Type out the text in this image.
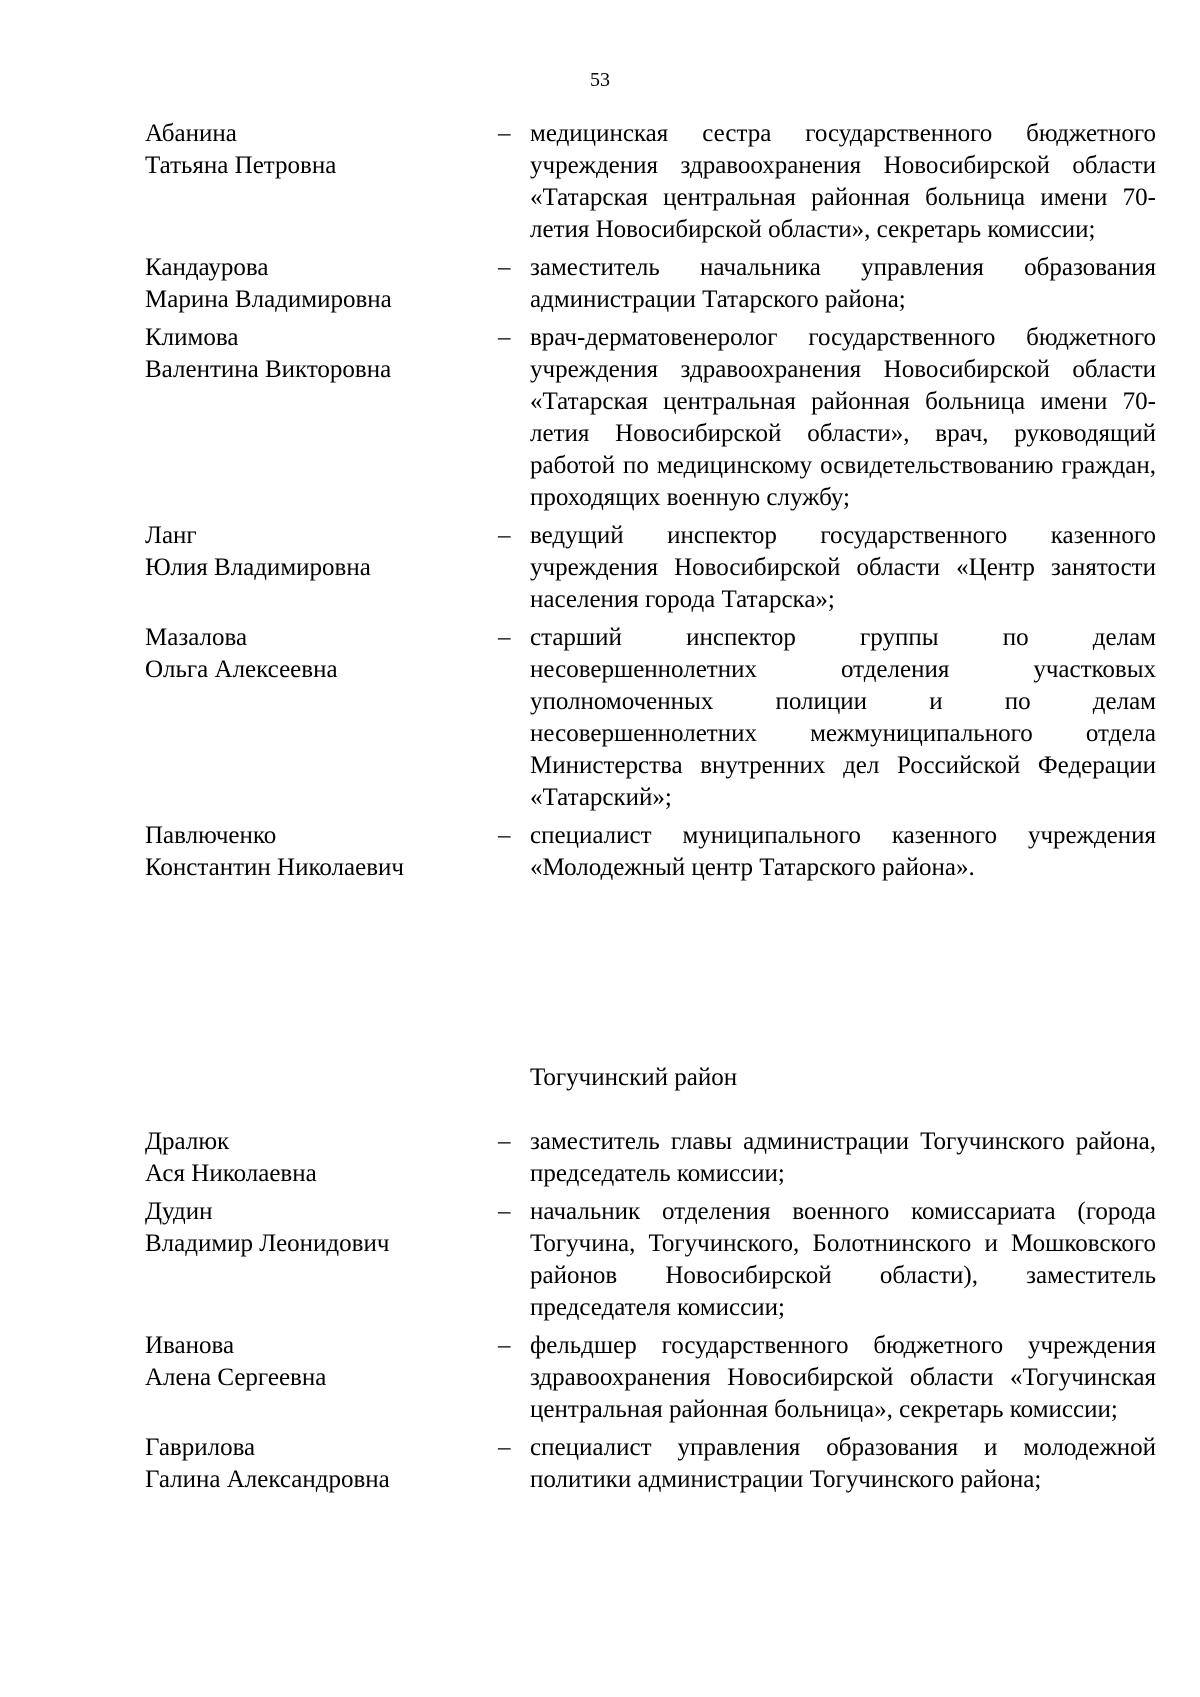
53
Абанина
Татьяна Петровна
– медицинская сестра государственного бюджетного учреждения здравоохранения Новосибирской области «Татарская центральная районная больница имени 70-летия Новосибирской области», секретарь комиссии;
Кандаурова
Марина Владимировна
– заместитель начальника управления образования администрации Татарского района;
Климова
Валентина Викторовна
– врач-дерматовенеролог государственного бюджетного учреждения здравоохранения Новосибирской области «Татарская центральная районная больница имени 70-летия Новосибирской области», врач, руководящий работой по медицинскому освидетельствованию граждан, проходящих военную службу;
Ланг
Юлия Владимировна
– ведущий инспектор государственного казенного учреждения Новосибирской области «Центр занятости населения города Татарска»;
Мазалова
Ольга Алексеевна
– старший инспектор группы по делам несовершеннолетних отделения участковых уполномоченных полиции и по делам несовершеннолетних межмуниципального отдела Министерства внутренних дел Российской Федерации «Татарский»;
Павлюченко
Константин Николаевич
– специалист муниципального казенного учреждения «Молодежный центр Татарского района».
Тогучинский район
Дралюк
Ася Николаевна
– заместитель главы администрации Тогучинского района, председатель комиссии;
Дудин
Владимир Леонидович
– начальник отделения военного комиссариата (города Тогучина, Тогучинского, Болотнинского и Мошковского районов Новосибирской области), заместитель председателя комиссии;
Иванова
Алена Сергеевна
– фельдшер государственного бюджетного учреждения здравоохранения Новосибирской области «Тогучинская центральная районная больница», секретарь комиссии;
Гаврилова
Галина Александровна
– специалист управления образования и молодежной политики администрации Тогучинского района;
